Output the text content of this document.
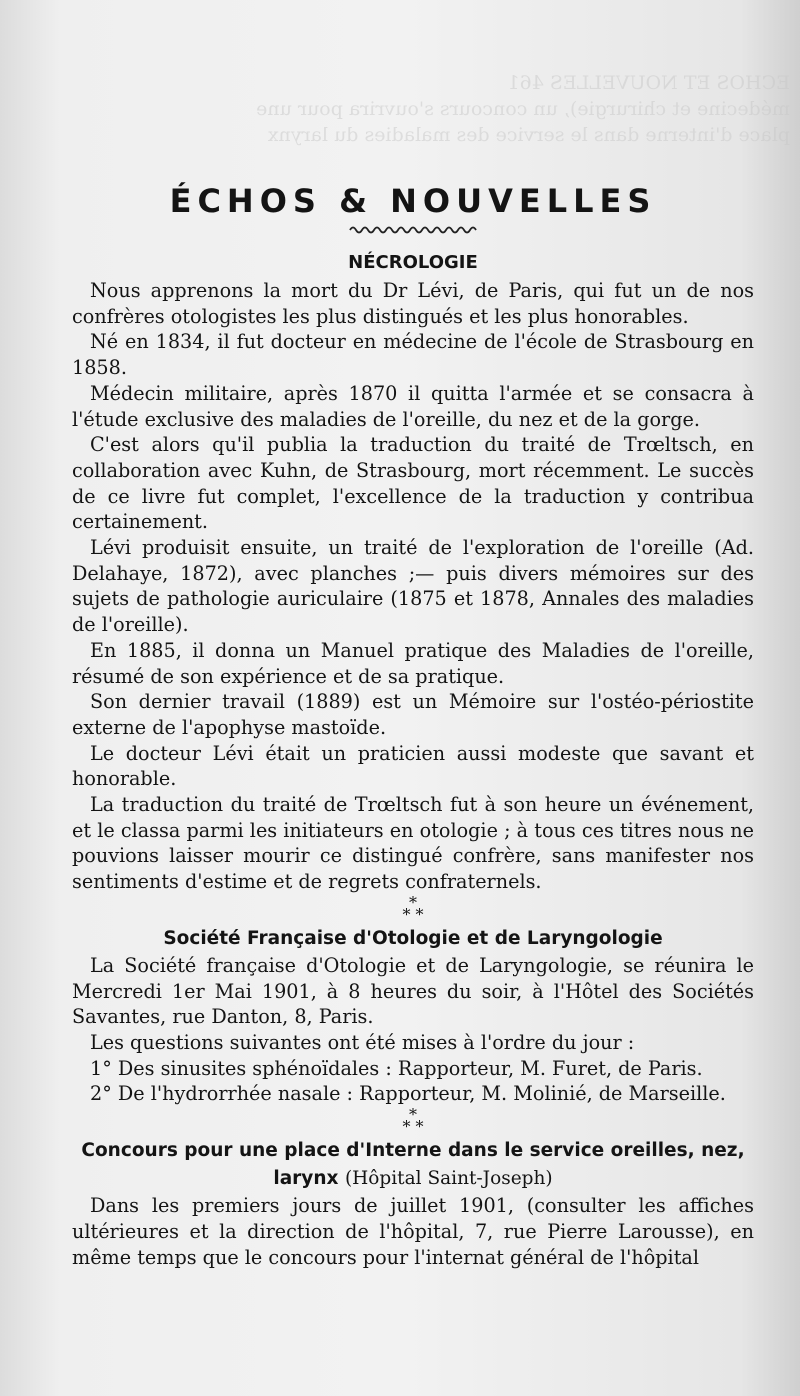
ECHOS ET NOUVELLES 461
médecine et chirurgie), un concours s'ouvrira pour une
place d'interne dans le service des maladies du larynx
ÉCHOS & NOUVELLES
NÉCROLOGIE

Nous apprenons la mort du Dr Lévi, de Paris, qui fut un de nos confrères otologistes les plus distingués et les plus honorables.

Né en 1834, il fut docteur en médecine de l'école de Strasbourg en 1858.

Médecin militaire, après 1870 il quitta l'armée et se consacra à l'étude exclusive des maladies de l'oreille, du nez et de la gorge.

C'est alors qu'il publia la traduction du traité de Trœltsch, en collaboration avec Kuhn, de Strasbourg, mort récemment. Le succès de ce livre fut complet, l'excellence de la traduction y contribua certainement.

Lévi produisit ensuite, un traité de l'exploration de l'oreille (Ad. Delahaye, 1872), avec planches ;— puis divers mémoires sur des sujets de pathologie auriculaire (1875 et 1878, Annales des maladies de l'oreille).

En 1885, il donna un Manuel pratique des Maladies de l'oreille, résumé de son expérience et de sa pratique.

Son dernier travail (1889) est un Mémoire sur l'ostéo-périostite externe de l'apophyse mastoïde.

Le docteur Lévi était un praticien aussi modeste que savant et honorable.

La traduction du traité de Trœltsch fut à son heure un événement, et le classa parmi les initiateurs en otologie ; à tous ces titres nous ne pouvions laisser mourir ce distingué confrère, sans manifester nos sentiments d'estime et de regrets confraternels.

*
* *
Société Française d'Otologie et de Laryngologie

La Société française d'Otologie et de Laryngologie, se réunira le Mercredi 1er Mai 1901, à 8 heures du soir, à l'Hôtel des Sociétés Savantes, rue Danton, 8, Paris.

Les questions suivantes ont été mises à l'ordre du jour :

1° Des sinusites sphénoïdales : Rapporteur, M. Furet, de Paris.

2° De l'hydrorrhée nasale : Rapporteur, M. Molinié, de Marseille.

*
* *
Concours pour une place d'Interne dans le service oreilles, nez, larynx (Hôpital Saint-Joseph)

Dans les premiers jours de juillet 1901, (consulter les affiches ultérieures et la direction de l'hôpital, 7, rue Pierre Larousse), en même temps que le concours pour l'internat général de l'hôpital
